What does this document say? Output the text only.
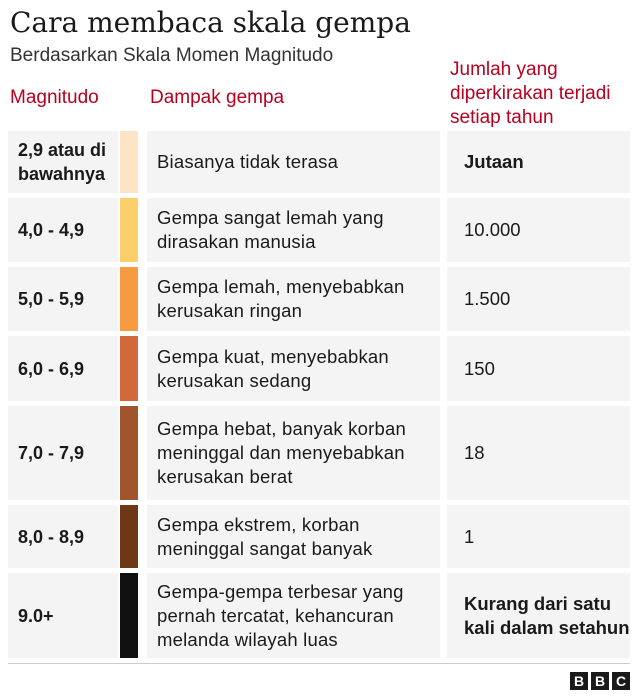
Cara membaca skala gempa
Berdasarkan Skala Momen Magnitudo
Magnitudo	Dampak gempa
Jumlah yang diperkirakan terjadi setiap tahun
2,9 atau di bawahnya
Biasanya tidak terasa	Jutaan
4,0 - 4,9
Gempa sangat lemah yang dirasakan manusia
10.000
5,0 - 5,9
Gempa lemah, menyebabkan kerusakan ringan
1.500
6,0 - 6,9
Gempa kuat, menyebabkan kerusakan sedang
150
7,0 - 7,9
Gempa hebat, banyak korban meninggal dan menyebabkan kerusakan berat
18
8,0 - 8,9
Gempa ekstrem, korban meninggal sangat banyak
1
9.0+
Gempa-gempa terbesar yang pernah tercatat, kehancuran melanda wilayah luas
Kurang dari satu kali dalam setahun
B B C
